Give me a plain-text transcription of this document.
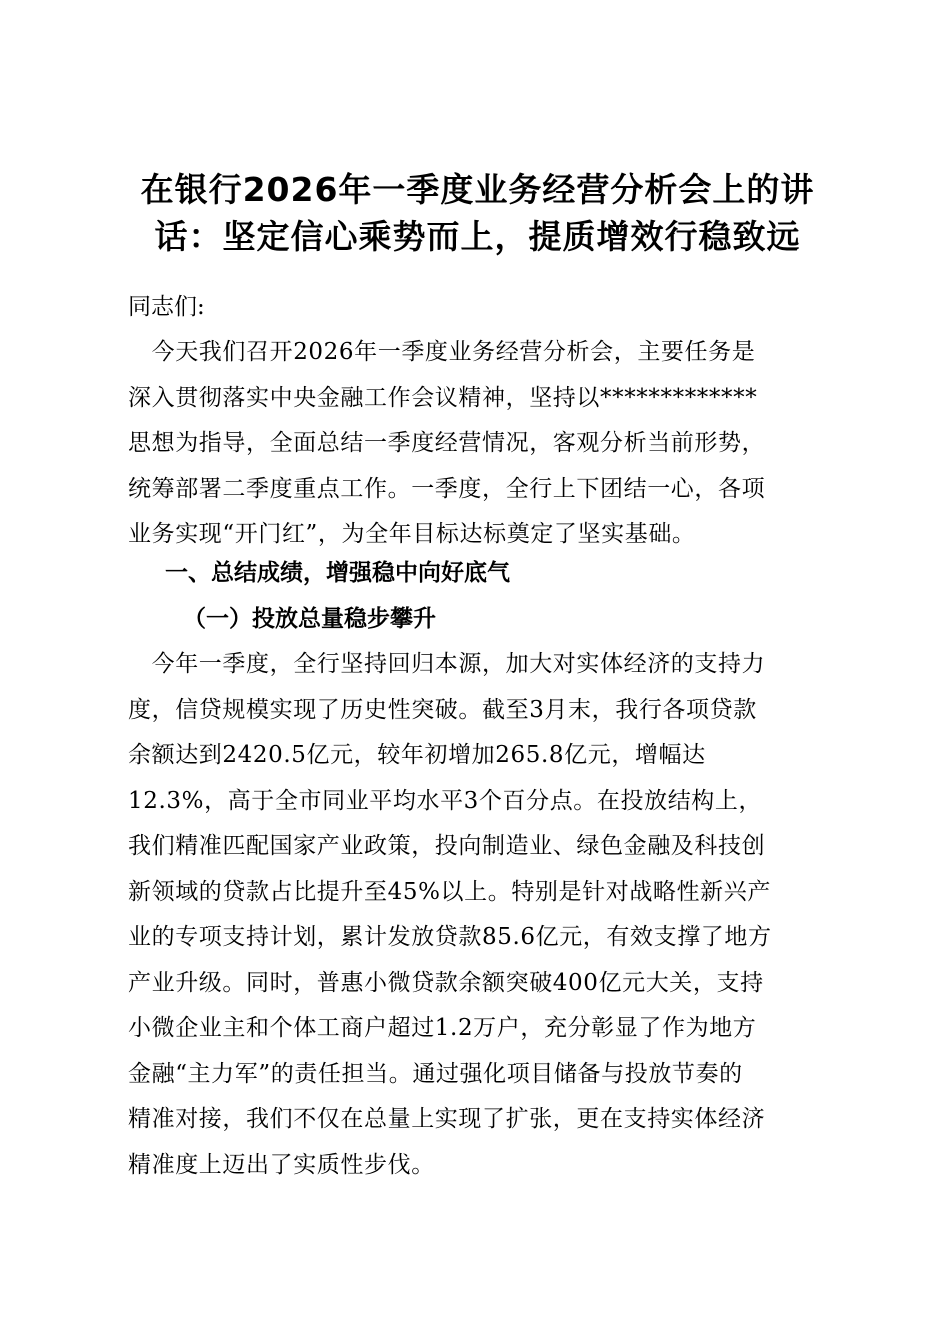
在银行2026年一季度业务经营分析会上的讲
话：坚定信心乘势而上，提质增效行稳致远

同志们:

　今天我们召开2026年一季度业务经营分析会，主要任务是
深入贯彻落实中央金融工作会议精神，坚持以*************
思想为指导，全面总结一季度经营情况，客观分析当前形势，
统筹部署二季度重点工作。一季度，全行上下团结一心，各项
业务实现“开门红”，为全年目标达标奠定了坚实基础。
一、总结成绩，增强稳中向好底气
（一）投放总量稳步攀升
　今年一季度，全行坚持回归本源，加大对实体经济的支持力
度，信贷规模实现了历史性突破。截至3月末，我行各项贷款
余额达到2420.5亿元，较年初增加265.8亿元，增幅达
12.3%，高于全市同业平均水平3个百分点。在投放结构上，
我们精准匹配国家产业政策，投向制造业、绿色金融及科技创
新领域的贷款占比提升至45%以上。特别是针对战略性新兴产
业的专项支持计划，累计发放贷款85.6亿元，有效支撑了地方
产业升级。同时，普惠小微贷款余额突破400亿元大关，支持
小微企业主和个体工商户超过1.2万户，充分彰显了作为地方
金融“主力军”的责任担当。通过强化项目储备与投放节奏的
精准对接，我们不仅在总量上实现了扩张，更在支持实体经济
精准度上迈出了实质性步伐。
